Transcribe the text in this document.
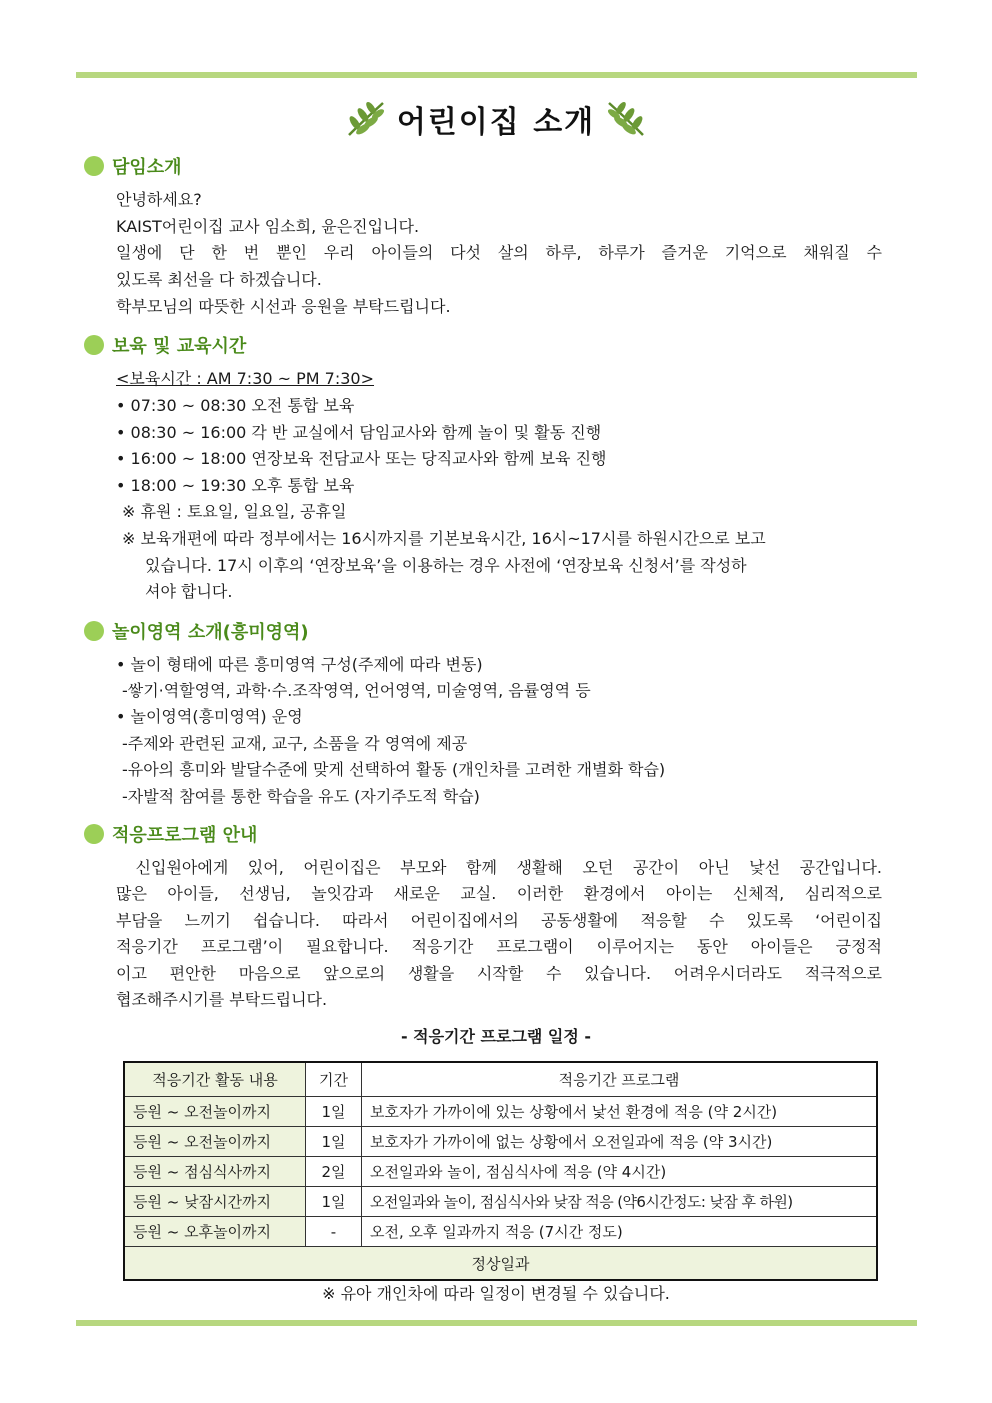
어린이집 소개
담임소개
안녕하세요?
KAIST어린이집 교사 임소희, 윤은진입니다.
일생에 단 한 번 뿐인 우리 아이들의 다섯 살의 하루, 하루가 즐거운 기억으로 채워질 수
있도록 최선을 다 하겠습니다.
학부모님의 따뜻한 시선과 응원을 부탁드립니다.
보육 및 교육시간
<보육시간 : AM 7:30 ~ PM 7:30>
• 07:30 ~ 08:30 오전 통합 보육
• 08:30 ~ 16:00 각 반 교실에서 담임교사와 함께 놀이 및 활동 진행
• 16:00 ~ 18:00 연장보육 전담교사 또는 당직교사와 함께 보육 진행
• 18:00 ~ 19:30 오후 통합 보육
※ 휴원 : 토요일, 일요일, 공휴일
※ 보육개편에 따라 정부에서는 16시까지를 기본보육시간, 16시~17시를 하원시간으로 보고
있습니다. 17시 이후의 ‘연장보육’을 이용하는 경우 사전에 ‘연장보육 신청서’를 작성하
셔야 합니다.
놀이영역 소개(흥미영역)
• 놀이 형태에 따른 흥미영역 구성(주제에 따라 변동)
-쌓기·역할영역, 과학·수.조작영역, 언어영역, 미술영역, 음률영역 등
• 놀이영역(흥미영역) 운영
-주제와 관련된 교재, 교구, 소품을 각 영역에 제공
-유아의 흥미와 발달수준에 맞게 선택하여 활동 (개인차를 고려한 개별화 학습)
-자발적 참여를 통한 학습을 유도 (자기주도적 학습)
적응프로그램 안내
신입원아에게 있어, 어린이집은 부모와 함께 생활해 오던 공간이 아닌 낯선 공간입니다.
많은 아이들, 선생님, 놀잇감과 새로운 교실. 이러한 환경에서 아이는 신체적, 심리적으로
부담을 느끼기 쉽습니다. 따라서 어린이집에서의 공동생활에 적응할 수 있도록 ‘어린이집
적응기간 프로그램’이 필요합니다. 적응기간 프로그램이 이루어지는 동안 아이들은 긍정적
이고 편안한 마음으로 앞으로의 생활을 시작할 수 있습니다. 어려우시더라도 적극적으로
협조해주시기를 부탁드립니다.
- 적응기간 프로그램 일정 -
적응기간 활동 내용	기간	적응기간 프로그램
등원 ~ 오전놀이까지	1일	보호자가 가까이에 있는 상황에서 낯선 환경에 적응 (약 2시간)
등원 ~ 오전놀이까지	1일	보호자가 가까이에 없는 상황에서 오전일과에 적응 (약 3시간)
등원 ~ 점심식사까지	2일	오전일과와 놀이, 점심식사에 적응 (약 4시간)
등원 ~ 낮잠시간까지	1일	오전일과와 놀이, 점심식사와 낮잠 적응 (약6시간정도: 낮잠 후 하원)
등원 ~ 오후놀이까지	-	오전, 오후 일과까지 적응 (7시간 정도)
정상일과		
※ 유아 개인차에 따라 일정이 변경될 수 있습니다.
